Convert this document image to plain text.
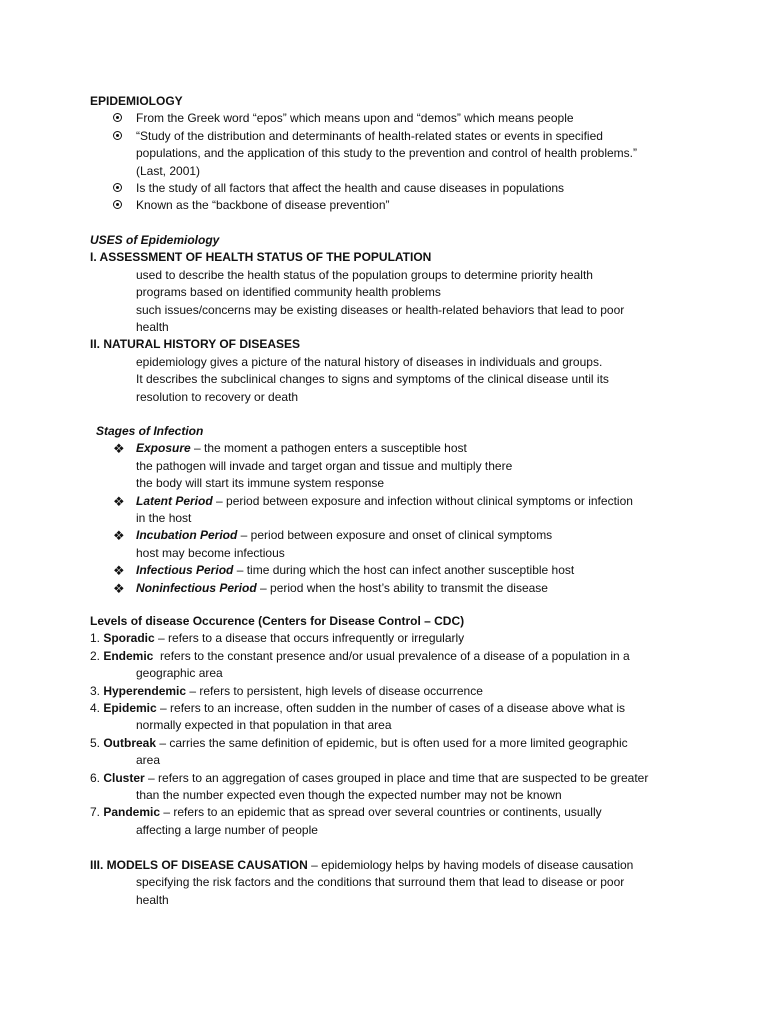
EPIDEMIOLOGY
From the Greek word “epos” which means upon and “demos” which means people
“Study of the distribution and determinants of health-related states or events in specified
populations, and the application of this study to the prevention and control of health problems.”
(Last, 2001)
Is the study of all factors that affect the health and cause diseases in populations
Known as the “backbone of disease prevention”
USES of Epidemiology
I. ASSESSMENT OF HEALTH STATUS OF THE POPULATION
used to describe the health status of the population groups to determine priority health
programs based on identified community health problems
such issues/concerns may be existing diseases or health-related behaviors that lead to poor
health
II. NATURAL HISTORY OF DISEASES
epidemiology gives a picture of the natural history of diseases in individuals and groups.
It describes the subclinical changes to signs and symptoms of the clinical disease until its
resolution to recovery or death
Stages of Infection
❖ Exposure – the moment a pathogen enters a susceptible host
the pathogen will invade and target organ and tissue and multiply there
the body will start its immune system response
❖ Latent Period – period between exposure and infection without clinical symptoms or infection
in the host
❖ Incubation Period – period between exposure and onset of clinical symptoms
host may become infectious
❖ Infectious Period – time during which the host can infect another susceptible host
❖ Noninfectious Period – period when the host’s ability to transmit the disease
Levels of disease Occurence (Centers for Disease Control – CDC)
1. Sporadic – refers to a disease that occurs infrequently or irregularly
2. Endemic  refers to the constant presence and/or usual prevalence of a disease of a population in a
geographic area
3. Hyperendemic – refers to persistent, high levels of disease occurrence
4. Epidemic – refers to an increase, often sudden in the number of cases of a disease above what is
normally expected in that population in that area
5. Outbreak – carries the same definition of epidemic, but is often used for a more limited geographic
area
6. Cluster – refers to an aggregation of cases grouped in place and time that are suspected to be greater
than the number expected even though the expected number may not be known
7. Pandemic – refers to an epidemic that as spread over several countries or continents, usually
affecting a large number of people
III. MODELS OF DISEASE CAUSATION – epidemiology helps by having models of disease causation
specifying the risk factors and the conditions that surround them that lead to disease or poor
health
